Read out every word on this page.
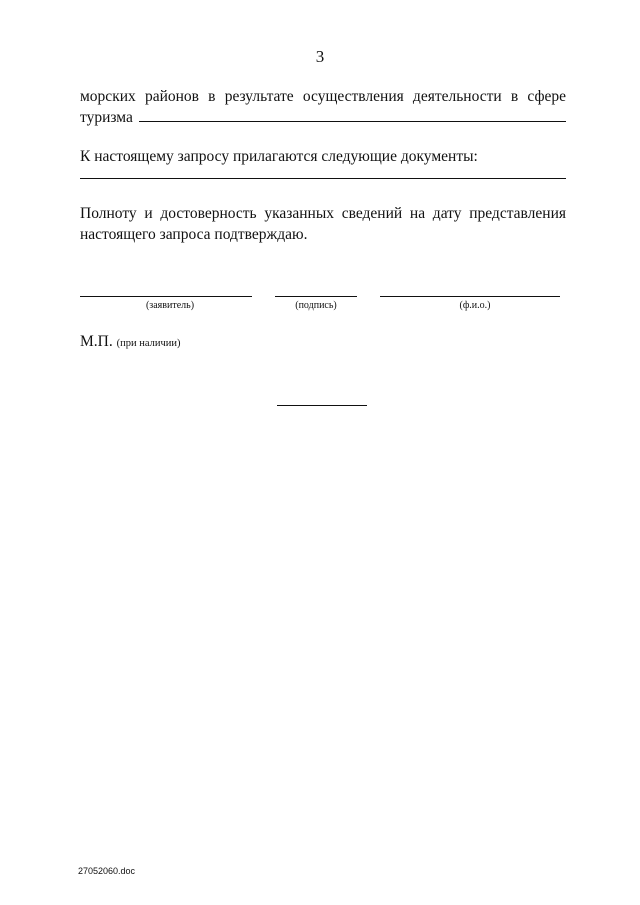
3
морских районов в результате осуществления деятельности в сфере
туризма
К настоящему запросу прилагаются следующие документы:
Полноту и достоверность указанных сведений на дату представления
настоящего запроса подтверждаю.
(заявитель)	(подпись)	(ф.и.о.)
М.П. (при наличии)
27052060.doc
